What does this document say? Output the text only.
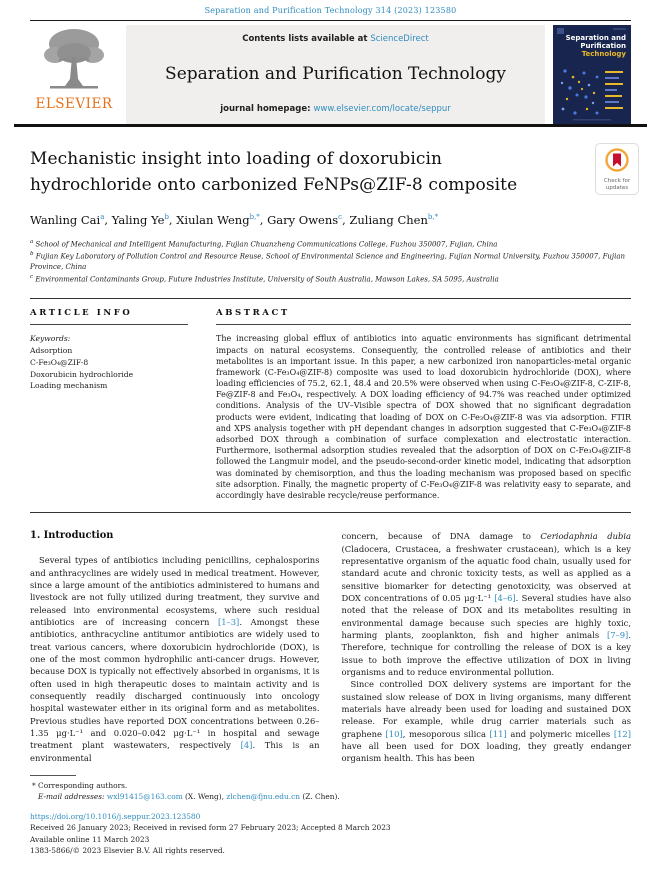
Separation and Purification Technology 314 (2023) 123580
ELSEVIER
Contents lists available at ScienceDirect
Separation and Purification Technology
journal homepage: www.elsevier.com/locate/seppur
Separation and
Purification
Technology
Mechanistic insight into loading of doxorubicin hydrochloride onto carbonized FeNPs@ZIF-8 composite	Check for updates
Wanling Cai$^a$, Yaling Ye$^b$, Xiulan Weng$^{b,*}$, Gary Owens$^c$, Zuliang Chen$^{b,*}$
$^a$ School of Mechanical and Intelligent Manufacturing, Fujian Chuanzheng Communications College, Fuzhou 350007, Fujian, China
$^b$ Fujian Key Laboratory of Pollution Control and Resource Reuse, School of Environmental Science and Engineering, Fujian Normal University, Fuzhou 350007, Fujian Province, China
$^c$ Environmental Contaminants Group, Future Industries Institute, University of South Australia, Mawson Lakes, SA 5095, Australia
ARTICLE INFO
Keywords:
Adsorption
C-Fe₃O₄@ZIF-8
Doxorubicin hydrochloride
Loading mechanism
ABSTRACT

The increasing global efflux of antibiotics into aquatic environments has significant detrimental impacts on natural ecosystems. Consequently, the controlled release of antibiotics and their metabolites is an important issue. In this paper, a new carbonized iron nanoparticles-metal organic framework (C-Fe₃O₄@ZIF-8) composite was used to load doxorubicin hydrochloride (DOX), where loading efficiencies of 75.2, 62.1, 48.4 and 20.5% were observed when using C-Fe₃O₄@ZIF-8, C-ZIF-8, Fe@ZIF-8 and Fe₃O₄, respectively. A DOX loading efficiency of 94.7% was reached under optimized conditions. Analysis of the UV–Visible spectra of DOX showed that no significant degradation products were evident, indicating that loading of DOX on C-Fe₃O₄@ZIF-8 was via adsorption. FTIR and XPS analysis together with pH dependant changes in adsorption suggested that C-Fe₃O₄@ZIF-8 adsorbed DOX through a combination of surface complexation and electrostatic interaction. Furthermore, isothermal adsorption studies revealed that the adsorption of DOX on C-Fe₃O₄@ZIF-8 followed the Langmuir model, and the pseudo-second-order kinetic model, indicating that adsorption was dominated by chemisorption, and thus the loading mechanism was proposed based on specific site adsorption. Finally, the magnetic property of C-Fe₃O₄@ZIF-8 was relativity easy to separate, and accordingly have desirable recycle/reuse performance.

1. Introduction

Several types of antibiotics including penicillins, cephalosporins and anthracyclines are widely used in medical treatment. However, since a large amount of the antibiotics administered to humans and livestock are not fully utilized during treatment, they survive and released into environmental ecosystems, where such residual antibiotics are of increasing concern [1–3]. Amongst these antibiotics, anthracycline antitumor antibiotics are widely used to treat various cancers, where doxorubicin hydrochloride (DOX), is one of the most common hydrophilic anti-cancer drugs. However, because DOX is typically not effectively absorbed in organisms, it is often used in high therapeutic doses to maintain activity and is consequently readily discharged continuously into oncology hospital wastewater either in its original form and as metabolites. Previous studies have reported DOX concentrations between 0.26–1.35 μg·L⁻¹ and 0.020–0.042 μg·L⁻¹ in hospital and sewage treatment plant wastewaters, respectively [4]. This is an environmental

concern, because of DNA damage to Ceriodaphnia dubia (Cladocera, Crustacea, a freshwater crustacean), which is a key representative organism of the aquatic food chain, usually used for standard acute and chronic toxicity tests, as well as applied as a sensitive biomarker for detecting genotoxicity, was observed at DOX concentrations of 0.05 μg·L⁻¹ [4–6]. Several studies have also noted that the release of DOX and its metabolites resulting in environmental damage because such species are highly toxic, harming plants, zooplankton, fish and higher animals [7–9]. Therefore, technique for controlling the release of DOX is a key issue to both improve the effective utilization of DOX in living organisms and to reduce environmental pollution.

Since controlled DOX delivery systems are important for the sustained slow release of DOX in living organisms, many different materials have already been used for loading and sustained DOX release. For example, while drug carrier materials such as graphene [10], mesoporous silica [11] and polymeric micelles [12] have all been used for DOX loading, they greatly endanger organism health. This has been

* Corresponding authors.
E-mail addresses: wxl91415@163.com (X. Weng), zlchen@fjnu.edu.cn (Z. Chen).
https://doi.org/10.1016/j.seppur.2023.123580
Received 26 January 2023; Received in revised form 27 February 2023; Accepted 8 March 2023
Available online 11 March 2023
1383-5866/© 2023 Elsevier B.V. All rights reserved.
